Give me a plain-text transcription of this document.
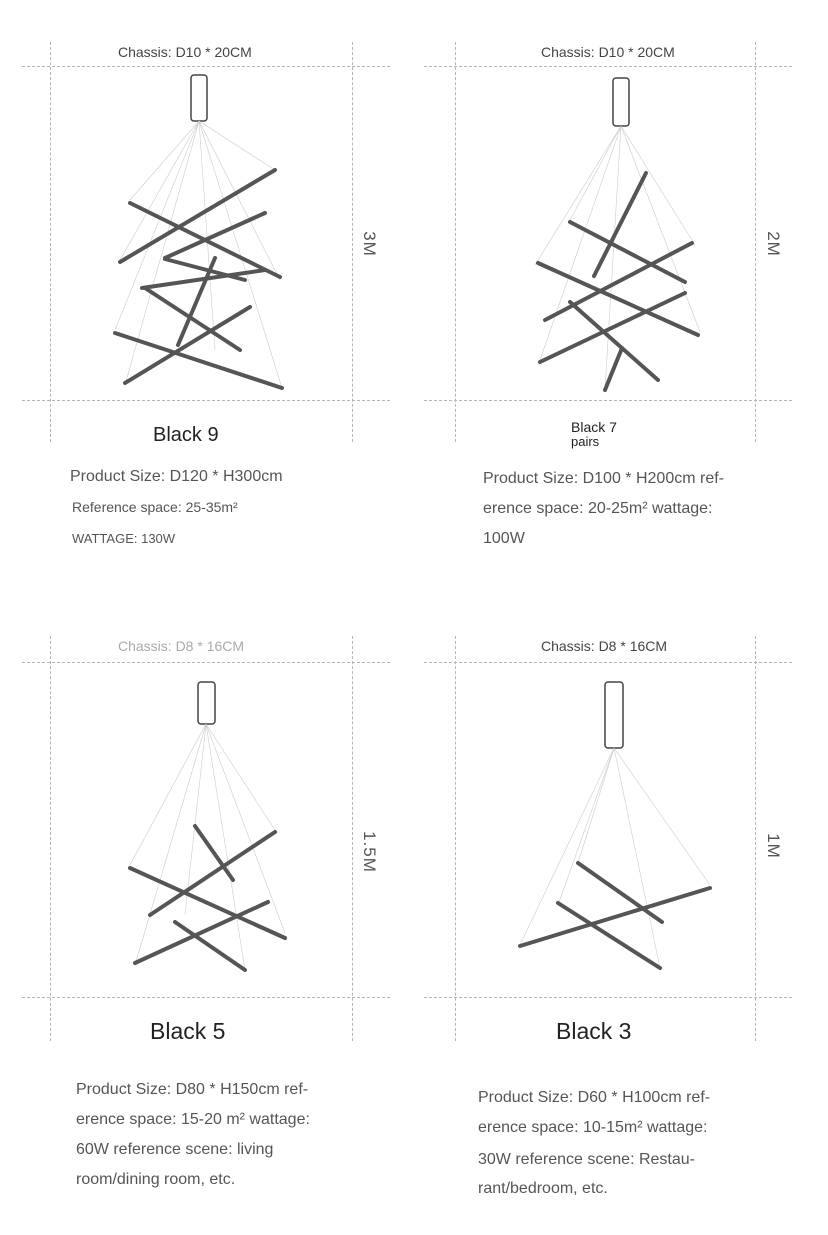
Chassis: D10 * 20CM
3M
Black 9
Product Size: D120 * H300cm
Reference space: 25-35m²
WATTAGE: 130W
Chassis: D10 * 20CM
2M
Black 7
pairs
Product Size: D100 * H200cm ref-
erence space: 20-25m² wattage:
100W
Chassis: D8 * 16CM
1.5M
Black 5
Product Size: D80 * H150cm ref-
erence space: 15-20 m² wattage:
60W reference scene: living
room/dining room, etc.
Chassis: D8 * 16CM
1M
Black 3
Product Size: D60 * H100cm ref-
erence space: 10-15m² wattage:
30W reference scene: Restau-
rant/bedroom, etc.
